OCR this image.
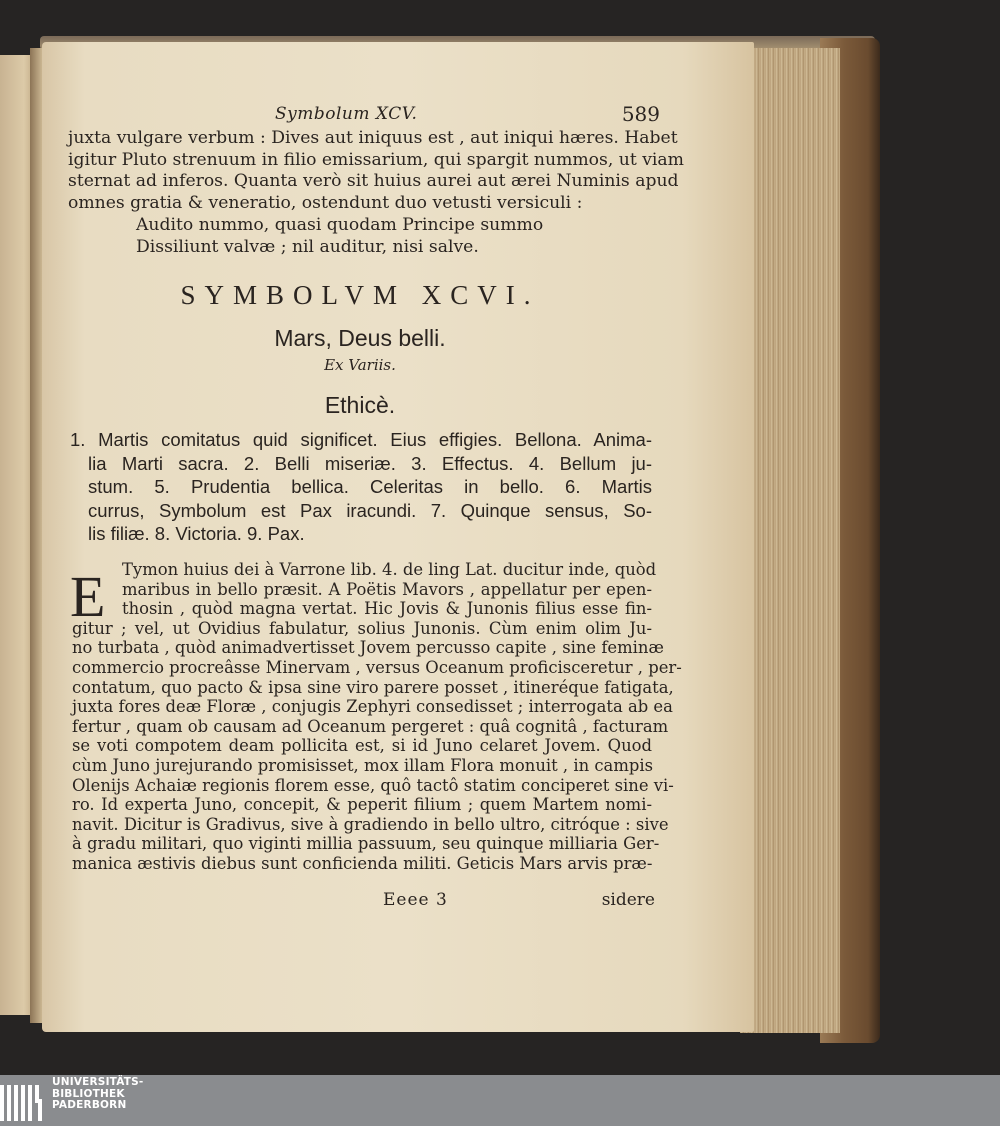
Symbolum XCV.	589
juxta vulgare verbum : Dives aut iniquus est , aut iniqui hæres. Habet
igitur Pluto strenuum in filio emissarium, qui spargit nummos, ut viam
sternat ad inferos. Quanta verò sit huius aurei aut ærei Numinis apud
omnes gratia & veneratio, ostendunt duo vetusti versiculi :
Audito nummo, quasi quodam Principe summo
Dissiliunt valvæ ; nil auditur, nisi salve.
SYMBOLVM XCVI.
Mars, Deus belli.
Ex Variis.
Ethicè.
1. Martis comitatus quid significet. Eius effigies. Bellona. Anima-
lia Marti sacra. 2. Belli miseriæ. 3. Effectus. 4. Bellum ju-
stum. 5. Prudentia bellica. Celeritas in bello. 6. Martis
currus, Symbolum est Pax iracundi. 7. Quinque sensus, So-
lis filiæ. 8. Victoria. 9. Pax.
E	Tymon huius dei à Varrone lib. 4. de ling Lat. ducitur inde, quòd
maribus in bello præsit. A Poëtis Mavors , appellatur per epen-
thosin , quòd magna vertat. Hic Jovis & Junonis filius esse fin-
gitur ; vel, ut Ovidius fabulatur, solius Junonis. Cùm enim olim Ju-
no turbata , quòd animadvertisset Jovem percusso capite , sine feminæ
commercio procreâsse Minervam , versus Oceanum proficisceretur , per-
contatum, quo pacto & ipsa sine viro parere posset , itineréque fatigata,
juxta fores deæ Floræ , conjugis Zephyri consedisset ; interrogata ab ea
fertur , quam ob causam ad Oceanum pergeret : quâ cognitâ , facturam
se voti compotem deam pollicita est, si id Juno celaret Jovem. Quod
cùm Juno jurejurando promisisset, mox illam Flora monuit , in campis
Olenijs Achaiæ regionis florem esse, quô tactô statim conciperet sine vi-
ro. Id experta Juno, concepit, & peperit filium ; quem Martem nomi-
navit. Dicitur is Gradivus, sive à gradiendo in bello ultro, citróque : sive
à gradu militari, quo viginti millia passuum, seu quinque milliaria Ger-
manica æstivis diebus sunt conficienda militi. Geticis Mars arvis præ-
Eeee 3	sidere
UNIVERSITÄTS-
BIBLIOTHEK
PADERBORN
